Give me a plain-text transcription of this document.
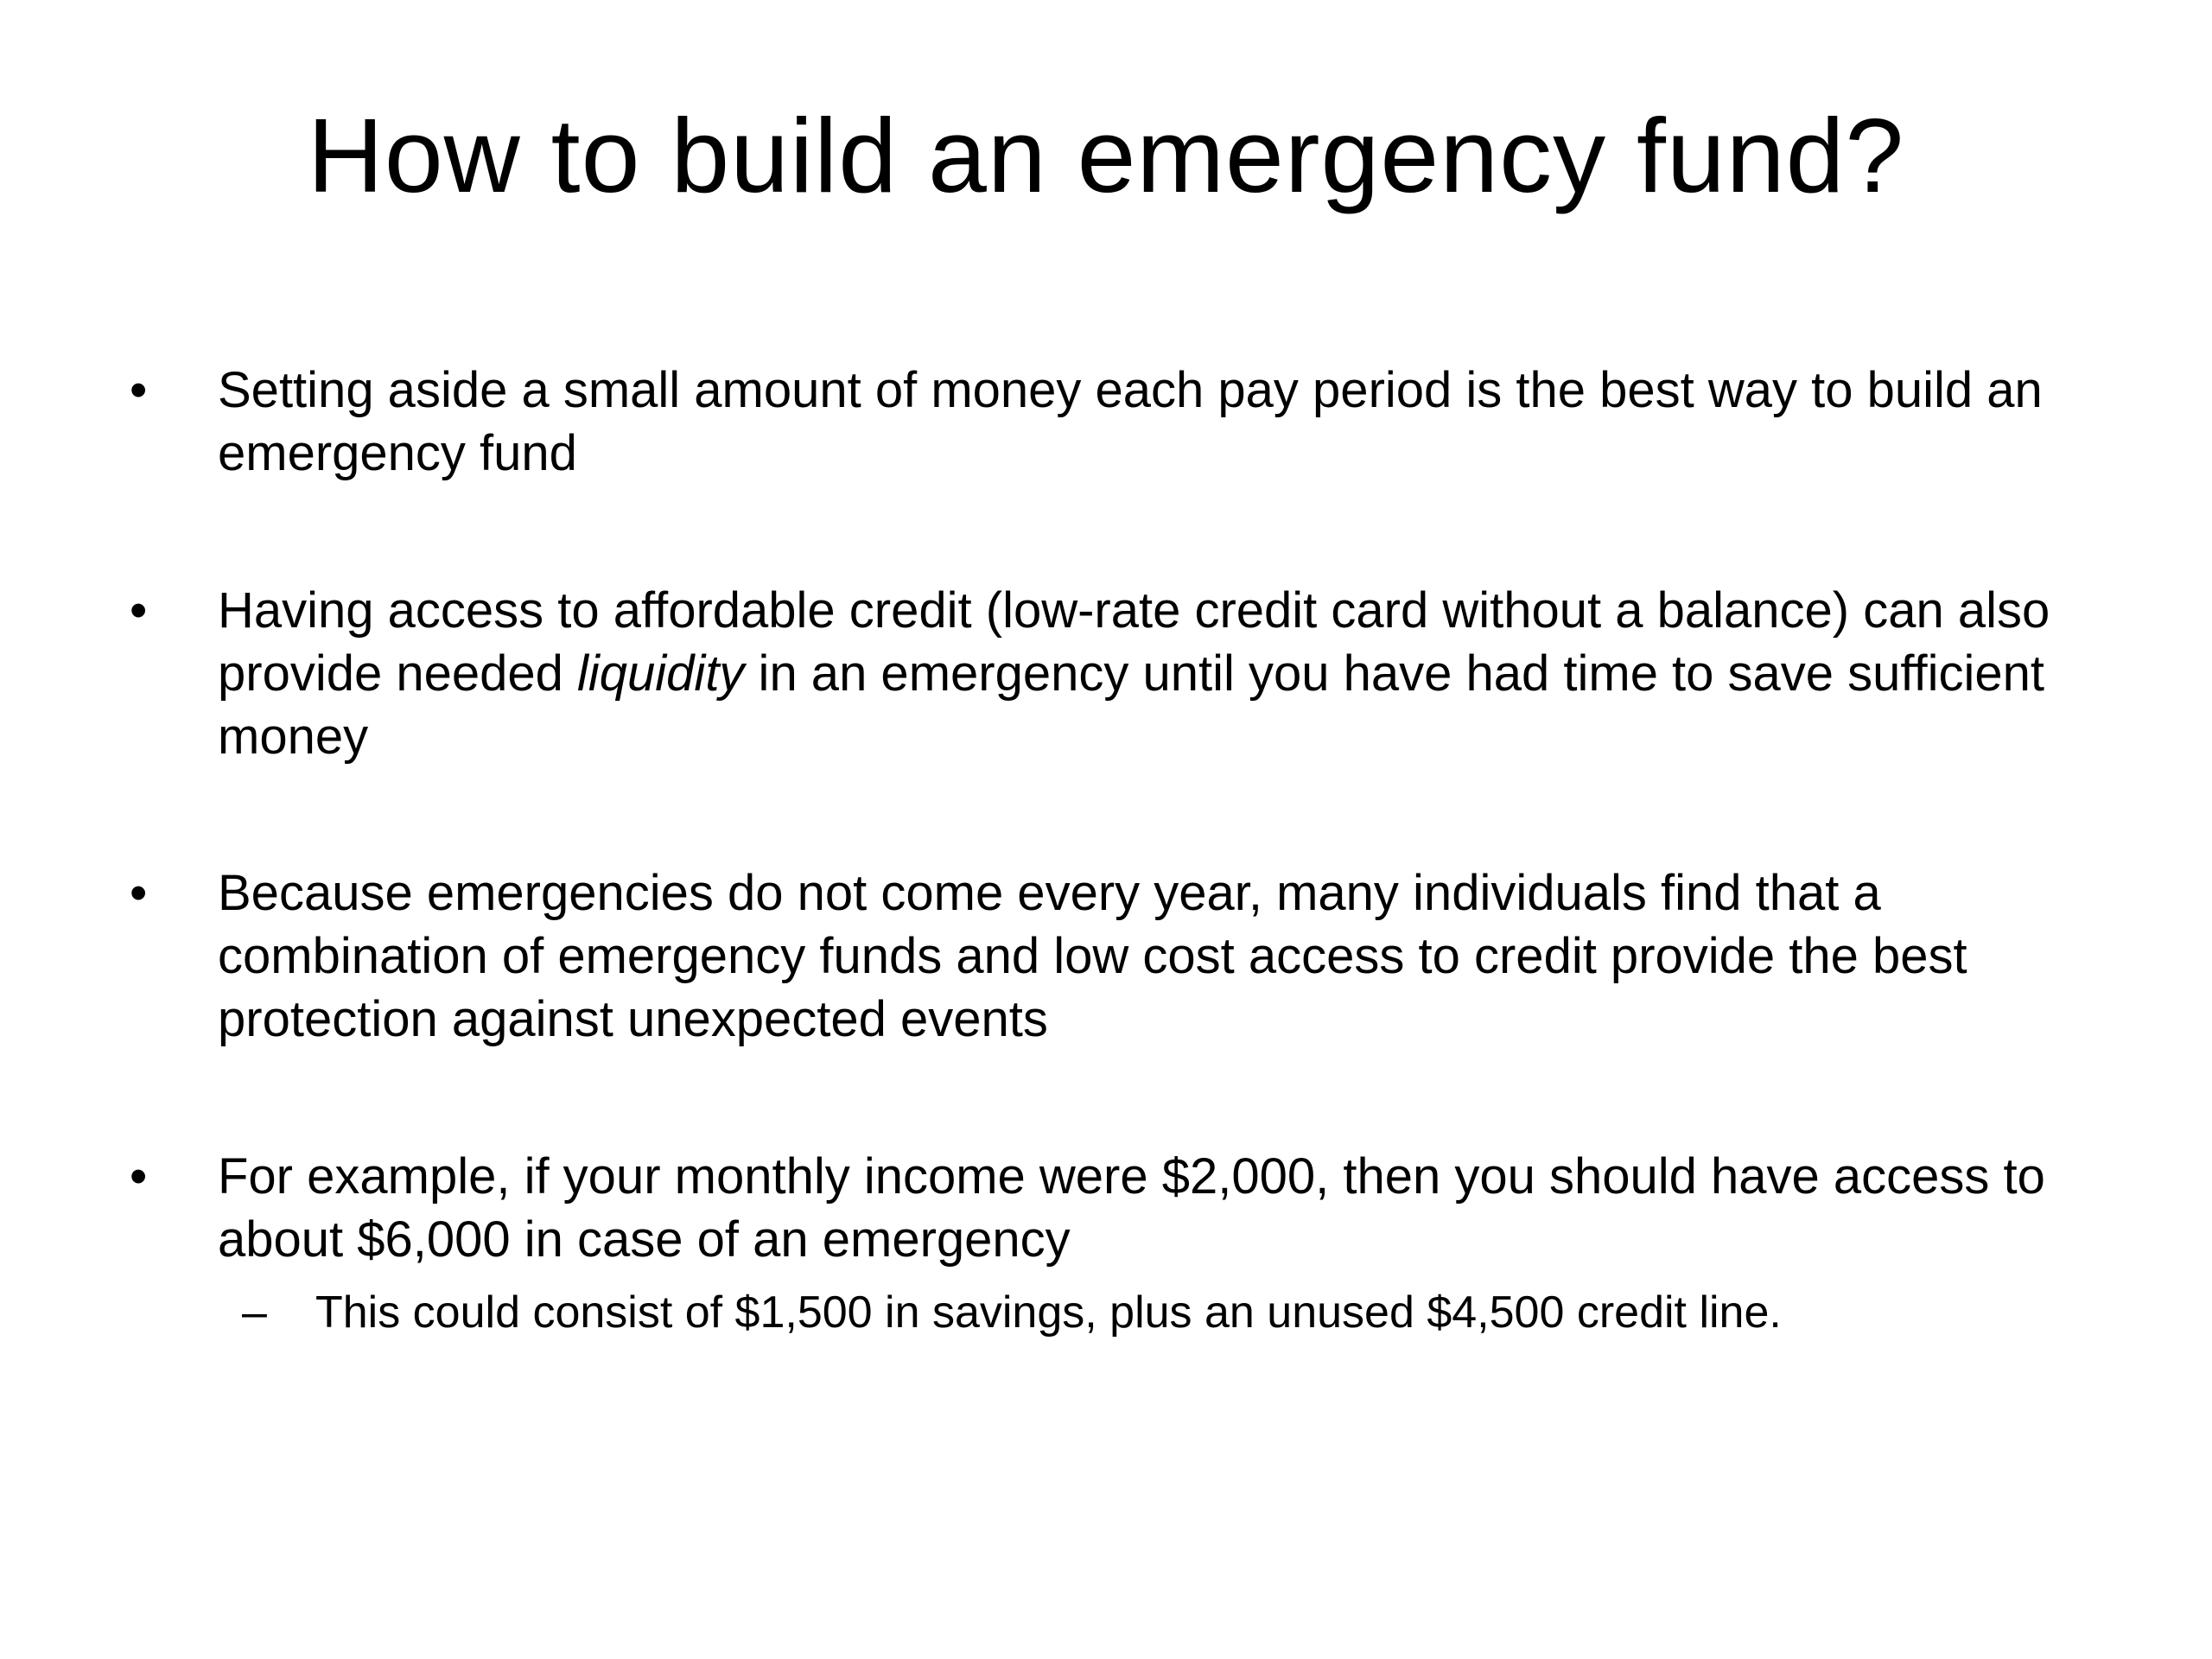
How to build an emergency fund?
•	Setting aside a small amount of money each pay period is the best way to build an emergency fund
•	Having access to affordable credit (low-rate credit card without a balance) can also provide needed liquidity in an emergency until you have had time to save sufficient money
•	Because emergencies do not come every year, many individuals find that a combination of emergency funds and low cost access to credit provide the best protection against unexpected events
•	For example, if your monthly income were $2,000, then you should have access to about $6,000 in case of an emergency
– This could consist of $1,500 in savings, plus an unused $4,500 credit line.
